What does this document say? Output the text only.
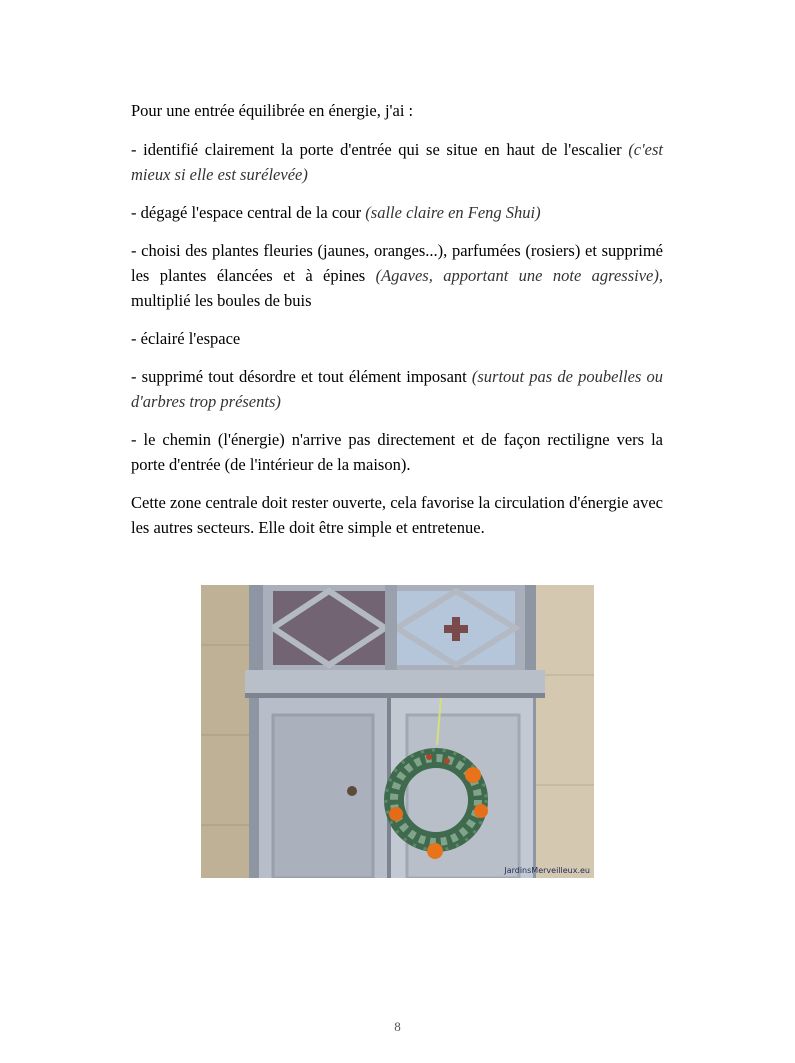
Pour une entrée équilibrée en énergie, j'ai :

- identifié clairement la porte d'entrée qui se situe en haut de l'escalier (c'est mieux si elle est surélevée)

- dégagé l'espace central de la cour (salle claire en Feng Shui)

- choisi des plantes fleuries (jaunes, oranges...), parfumées (rosiers) et supprimé les plantes élancées et à épines (Agaves, apportant une note agressive), multiplié les boules de buis

- éclairé l'espace

- supprimé tout désordre et tout élément imposant (surtout pas de poubelles ou d'arbres trop présents)

- le chemin (l'énergie) n'arrive pas directement et de façon rectiligne vers la porte d'entrée (de l'intérieur de la maison).

Cette zone centrale doit rester ouverte, cela favorise la circulation d'énergie avec les autres secteurs. Elle doit être simple et entretenue.

JardinsMerveilleux.eu
8
